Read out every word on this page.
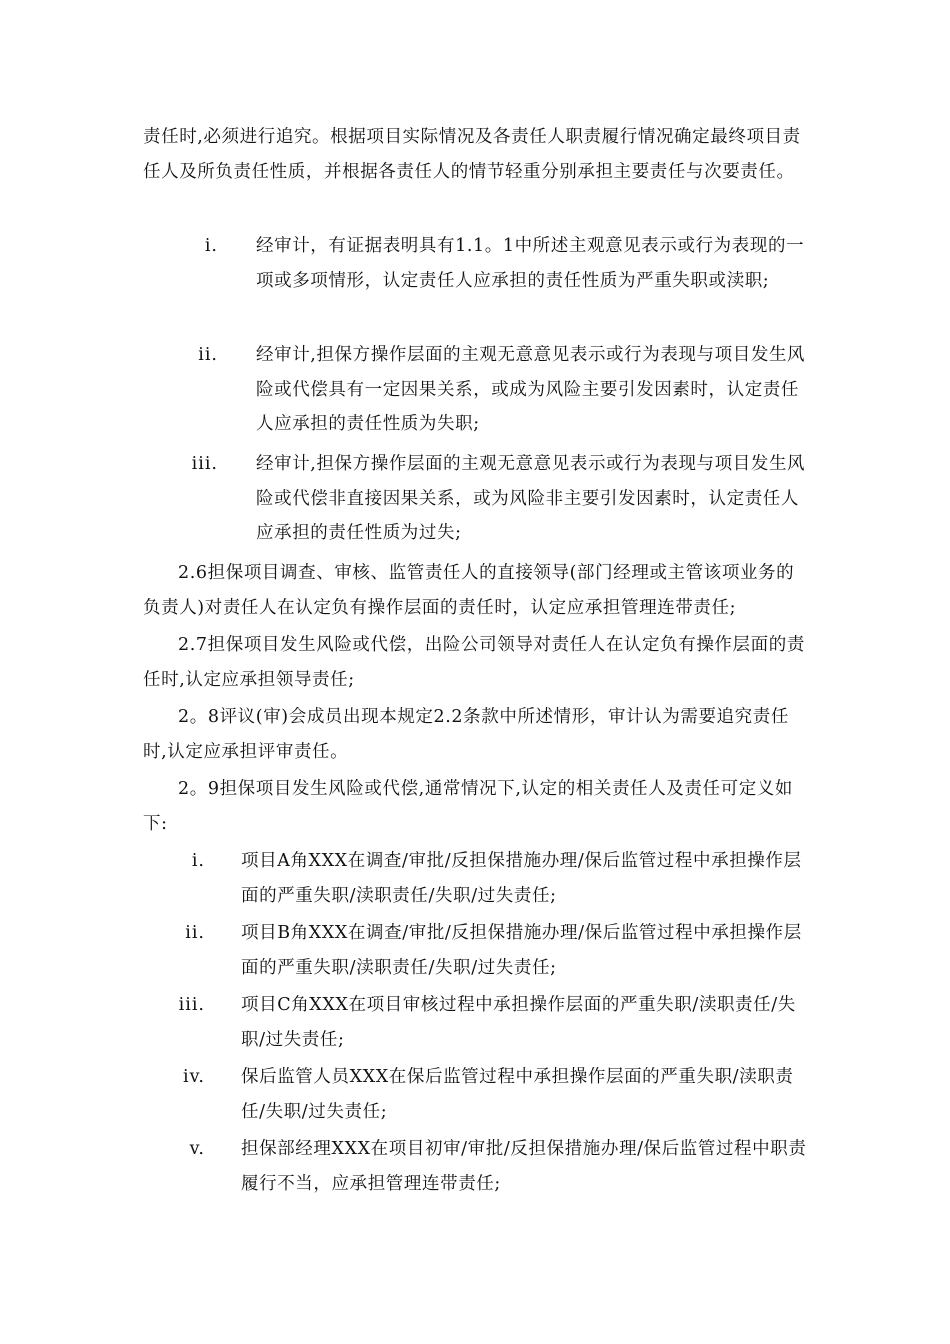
责任时,必须进行追究。根据项目实际情况及各责任人职责履行情况确定最终项目责任人及所负责任性质，并根据各责任人的情节轻重分别承担主要责任与次要责任。

i. 经审计，有证据表明具有1.1。1中所述主观意见表示或行为表现的一项或多项情形，认定责任人应承担的责任性质为严重失职或渎职;
ii. 经审计,担保方操作层面的主观无意意见表示或行为表现与项目发生风险或代偿具有一定因果关系，或成为风险主要引发因素时，认定责任人应承担的责任性质为失职;
iii. 经审计,担保方操作层面的主观无意意见表示或行为表现与项目发生风险或代偿非直接因果关系，或为风险非主要引发因素时，认定责任人应承担的责任性质为过失;

2.6担保项目调查、审核、监管责任人的直接领导(部门经理或主管该项业务的负责人)对责任人在认定负有操作层面的责任时，认定应承担管理连带责任;

2.7担保项目发生风险或代偿，出险公司领导对责任人在认定负有操作层面的责任时,认定应承担领导责任;

2。8评议(审)会成员出现本规定2.2条款中所述情形，审计认为需要追究责任时,认定应承担评审责任。

2。9担保项目发生风险或代偿,通常情况下,认定的相关责任人及责任可定义如下:

i. 项目A角XXX在调查/审批/反担保措施办理/保后监管过程中承担操作层面的严重失职/渎职责任/失职/过失责任;
ii. 项目B角XXX在调查/审批/反担保措施办理/保后监管过程中承担操作层面的严重失职/渎职责任/失职/过失责任;
iii. 项目C角XXX在项目审核过程中承担操作层面的严重失职/渎职责任/失职/过失责任;
iv. 保后监管人员XXX在保后监管过程中承担操作层面的严重失职/渎职责任/失职/过失责任;
v. 担保部经理XXX在项目初审/审批/反担保措施办理/保后监管过程中职责履行不当，应承担管理连带责任;
